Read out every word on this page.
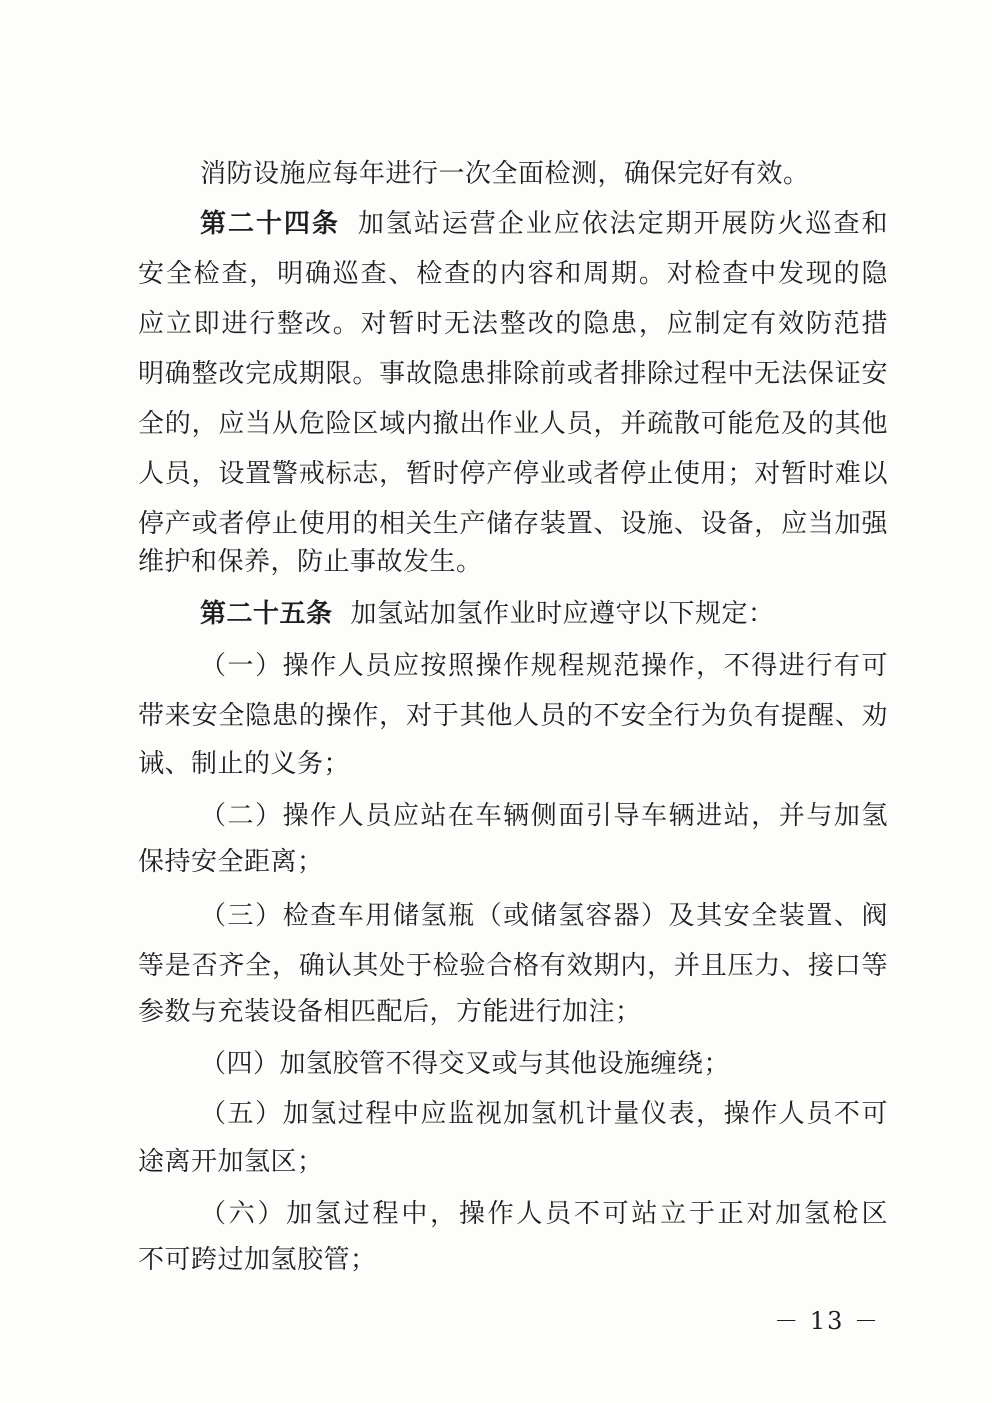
消防设施应每年进行一次全面检测，确保完好有效。
第二十四条 加氢站运营企业应依法定期开展防火巡查和
安全检查，明确巡查、检查的内容和周期。对检查中发现的隐
应立即进行整改。对暂时无法整改的隐患，应制定有效防范措
明确整改完成期限。事故隐患排除前或者排除过程中无法保证安
全的，应当从危险区域内撤出作业人员，并疏散可能危及的其他
人员，设置警戒标志，暂时停产停业或者停止使用；对暂时难以
停产或者停止使用的相关生产储存装置、设施、设备，应当加强
维护和保养，防止事故发生。
第二十五条 加氢站加氢作业时应遵守以下规定：
（一）操作人员应按照操作规程规范操作，不得进行有可
带来安全隐患的操作，对于其他人员的不安全行为负有提醒、劝
诫、制止的义务；
（二）操作人员应站在车辆侧面引导车辆进站，并与加氢
保持安全距离；
（三）检查车用储氢瓶（或储氢容器）及其安全装置、阀
等是否齐全，确认其处于检验合格有效期内，并且压力、接口等
参数与充装设备相匹配后，方能进行加注；
（四）加氢胶管不得交叉或与其他设施缠绕；
（五）加氢过程中应监视加氢机计量仪表，操作人员不可
途离开加氢区；
（六）加氢过程中，操作人员不可站立于正对加氢枪区
不可跨过加氢胶管；
－ 13 －
